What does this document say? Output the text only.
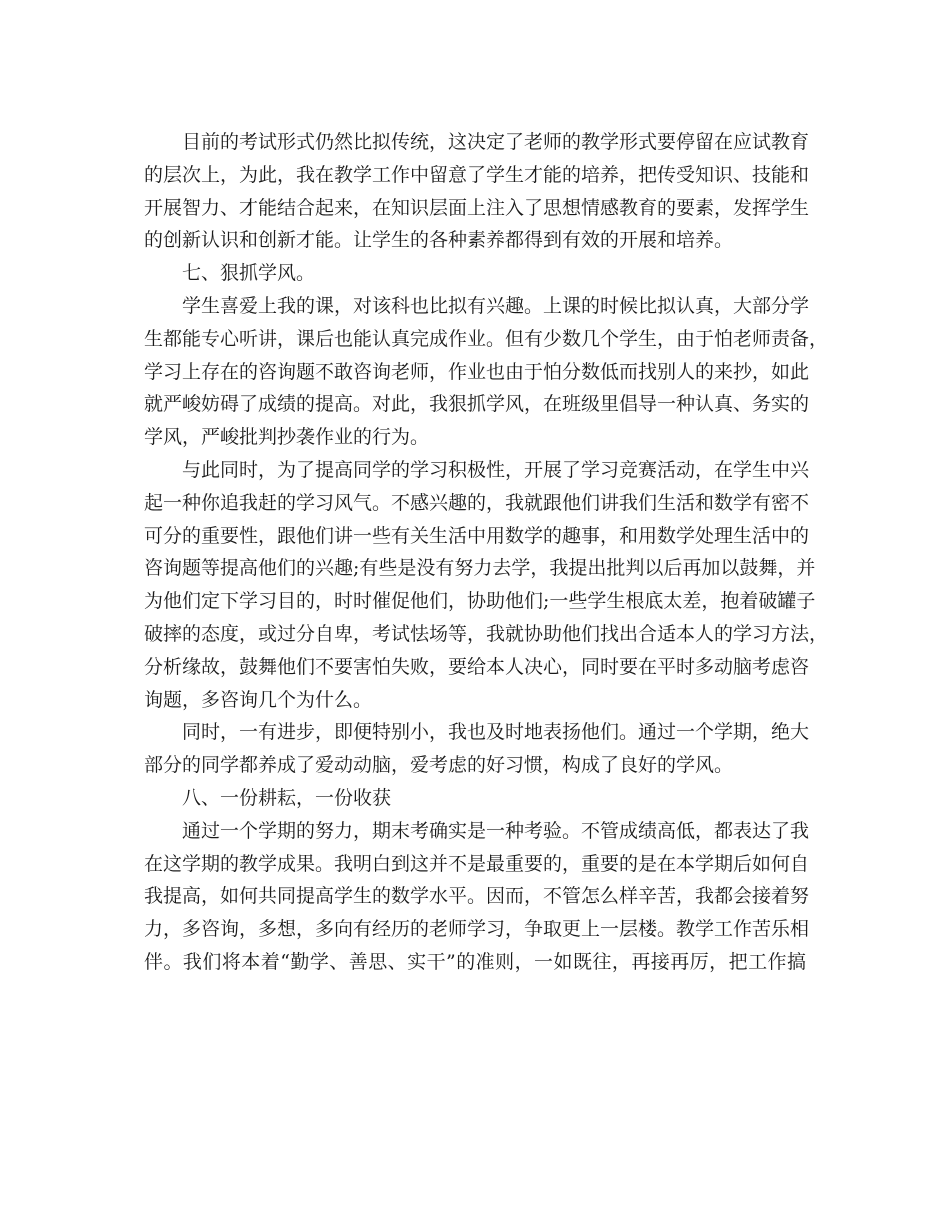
目前的考试形式仍然比拟传统，这决定了老师的教学形式要停留在应试教育
的层次上，为此，我在教学工作中留意了学生才能的培养，把传受知识、技能和
开展智力、才能结合起来，在知识层面上注入了思想情感教育的要素，发挥学生
的创新认识和创新才能。让学生的各种素养都得到有效的开展和培养。
七、狠抓学风。
学生喜爱上我的课，对该科也比拟有兴趣。上课的时候比拟认真，大部分学
生都能专心听讲，课后也能认真完成作业。但有少数几个学生，由于怕老师责备，
学习上存在的咨询题不敢咨询老师，作业也由于怕分数低而找别人的来抄，如此
就严峻妨碍了成绩的提高。对此，我狠抓学风，在班级里倡导一种认真、务实的
学风，严峻批判抄袭作业的行为。
与此同时，为了提高同学的学习积极性，开展了学习竞赛活动，在学生中兴
起一种你追我赶的学习风气。不感兴趣的，我就跟他们讲我们生活和数学有密不
可分的重要性，跟他们讲一些有关生活中用数学的趣事，和用数学处理生活中的
咨询题等提高他们的兴趣;有些是没有努力去学，我提出批判以后再加以鼓舞，并
为他们定下学习目的，时时催促他们，协助他们;一些学生根底太差，抱着破罐子
破摔的态度，或过分自卑，考试怯场等，我就协助他们找出合适本人的学习方法，
分析缘故，鼓舞他们不要害怕失败，要给本人决心，同时要在平时多动脑考虑咨
询题，多咨询几个为什么。
同时，一有进步，即便特别小，我也及时地表扬他们。通过一个学期，绝大
部分的同学都养成了爱动动脑，爱考虑的好习惯，构成了良好的学风。
八、一份耕耘，一份收获
通过一个学期的努力，期末考确实是一种考验。不管成绩高低，都表达了我
在这学期的教学成果。我明白到这并不是最重要的，重要的是在本学期后如何自
我提高，如何共同提高学生的数学水平。因而，不管怎么样辛苦，我都会接着努
力，多咨询，多想，多向有经历的老师学习，争取更上一层楼。教学工作苦乐相
伴。我们将本着“勤学、善思、实干”的准则，一如既往，再接再厉，把工作搞
